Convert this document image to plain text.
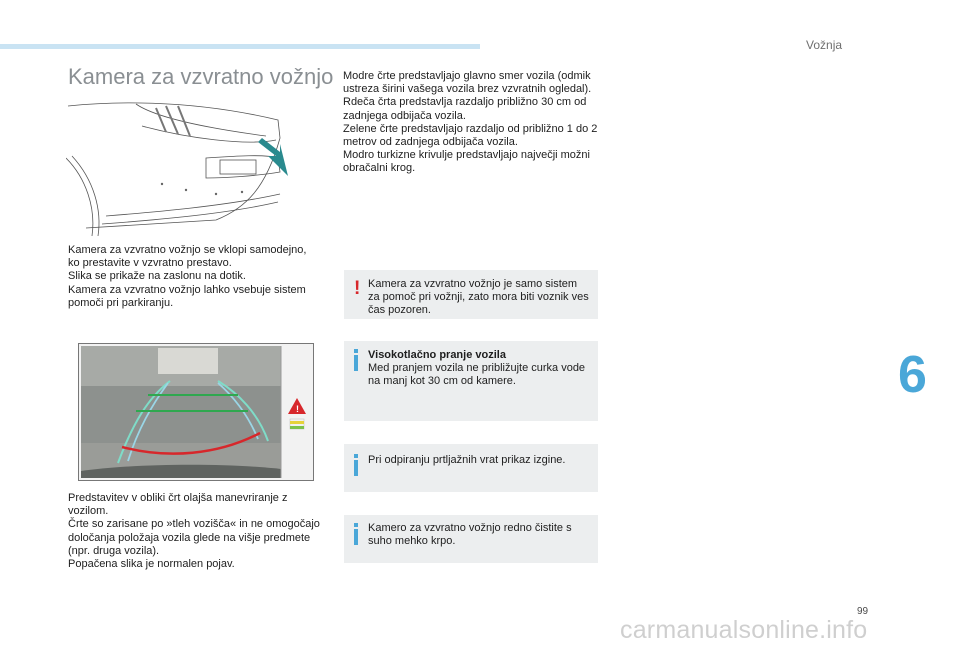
Vožnja
Kamera za vzvratno vožnjo

Kamera za vzvratno vožnjo se vklopi samodejno, ko prestavite v vzvratno prestavo.

Slika se prikaže na zaslonu na dotik.

Kamera za vzvratno vožnjo lahko vsebuje sistem pomoči pri parkiranju.

!

Predstavitev v obliki črt olajša manevriranje z vozilom.

Črte so zarisane po »tleh vozišča« in ne omogočajo določanja položaja vozila glede na višje predmete (npr. druga vozila).

Popačena slika je normalen pojav.

Modre črte predstavljajo glavno smer vozila (odmik ustreza širini vašega vozila brez vzvratnih ogledal).

Rdeča črta predstavlja razdaljo približno 30 cm od zadnjega odbijača vozila.

Zelene črte predstavljajo razdaljo od približno 1 do 2 metrov od zadnjega odbijača vozila.

Modro turkizne krivulje predstavljajo največji možni obračalni krog.

! Kamera za vzvratno vožnjo je samo sistem za pomoč pri vožnji, zato mora biti voznik ves čas pozoren.
Visokotlačno pranje vozila
Med pranjem vozila ne približujte curka vode na manj kot 30 cm od kamere.
Pri odpiranju prtljažnih vrat prikaz izgine.
Kamero za vzvratno vožnjo redno čistite s suho mehko krpo.
6
99
carmanualsonline.info
